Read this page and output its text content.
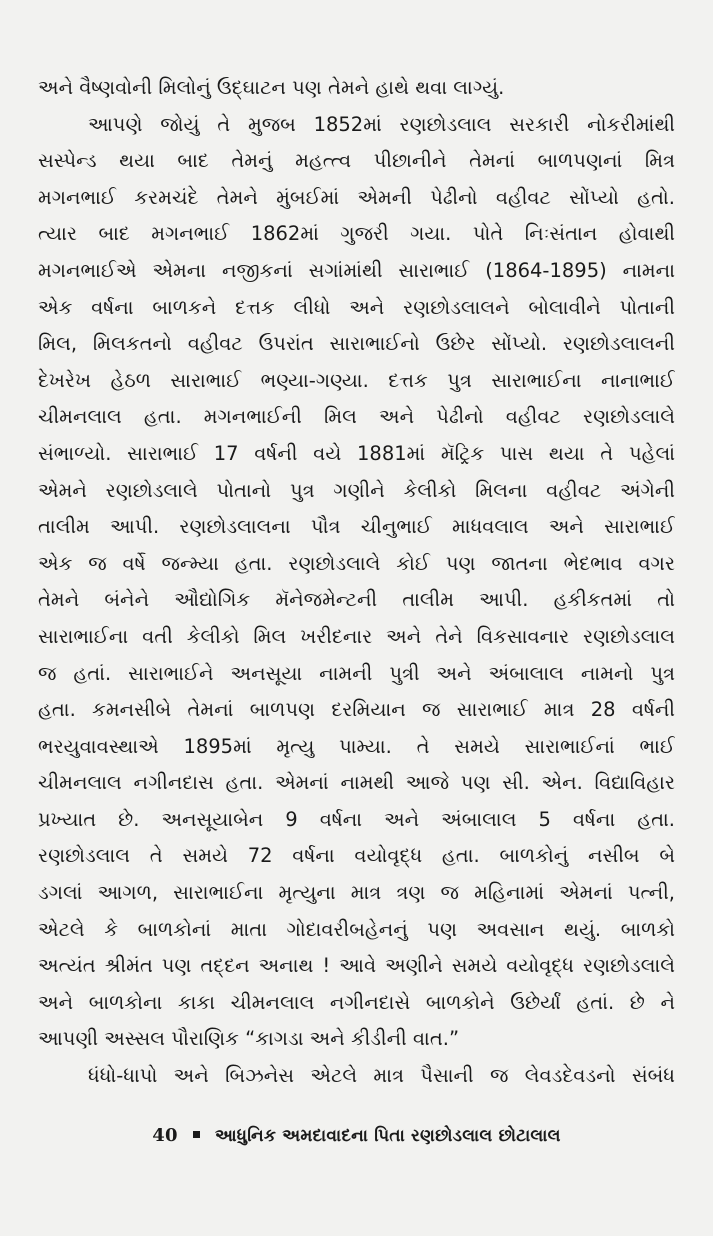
અને વૈષ્ણવોની મિલોનું ઉદ્ઘાટન પણ તેમને હાથે થવા લાગ્યું.
આપણે જોયું તે મુજબ 1852માં રણછોડલાલ સરકારી નોકરીમાંથી
સસ્પેન્ડ થયા બાદ તેમનું મહત્ત્વ પીછાનીને તેમનાં બાળપણનાં મિત્ર
મગનભાઈ કરમચંદે તેમને મુંબઈમાં એમની પેઢીનો વહીવટ સોંપ્યો હતો.
ત્યાર બાદ મગનભાઈ 1862માં ગુજરી ગયા. પોતે નિઃસંતાન હોવાથી
મગનભાઈએ એમના નજીકનાં સગાંમાંથી સારાભાઈ (1864-1895) નામના
એક વર્ષના બાળકને દત્તક લીધો અને રણછોડલાલને બોલાવીને પોતાની
મિલ, મિલકતનો વહીવટ ઉપરાંત સારાભાઈનો ઉછેર સોંપ્યો. રણછોડલાલની
દેખરેખ હેઠળ સારાભાઈ ભણ્યા-ગણ્યા. દત્તક પુત્ર સારાભાઈના નાનાભાઈ
ચીમનલાલ હતા. મગનભાઈની મિલ અને પેઢીનો વહીવટ રણછોડલાલે
સંભાળ્યો. સારાભાઈ 17 વર્ષની વયે 1881માં મૅટ્રિક પાસ થયા તે પહેલાં
એમને રણછોડલાલે પોતાનો પુત્ર ગણીને કેલીકો મિલના વહીવટ અંગેની
તાલીમ આપી. રણછોડલાલના પૌત્ર ચીનુભાઈ માધવલાલ અને સારાભાઈ
એક જ વર્ષે જન્મ્યા હતા. રણછોડલાલે કોઈ પણ જાતના ભેદભાવ વગર
તેમને બંનેને ઔદ્યોગિક મૅનેજમેન્ટની તાલીમ આપી. હકીકતમાં તો
સારાભાઈના વતી કેલીકો મિલ ખરીદનાર અને તેને વિકસાવનાર રણછોડલાલ
જ હતાં. સારાભાઈને અનસૂયા નામની પુત્રી અને અંબાલાલ નામનો પુત્ર
હતા. કમનસીબે તેમનાં બાળપણ દરમિયાન જ સારાભાઈ માત્ર 28 વર્ષની
ભરયુવાવસ્થાએ 1895માં મૃત્યુ પામ્યા. તે સમયે સારાભાઈનાં ભાઈ
ચીમનલાલ નગીનદાસ હતા. એમનાં નામથી આજે પણ સી. એન. વિદ્યાવિહાર
પ્રખ્યાત છે. અનસૂયાબેન 9 વર્ષના અને અંબાલાલ 5 વર્ષના હતા.
રણછોડલાલ તે સમયે 72 વર્ષના વયોવૃદ્ધ હતા. બાળકોનું નસીબ બે
ડગલાં આગળ, સારાભાઈના મૃત્યુના માત્ર ત્રણ જ મહિનામાં એમનાં પત્ની,
એટલે કે બાળકોનાં માતા ગોદાવરીબહેનનું પણ અવસાન થયું. બાળકો
અત્યંત શ્રીમંત પણ તદ્દન અનાથ ! આવે અણીને સમયે વયોવૃદ્ધ રણછોડલાલે
અને બાળકોના કાકા ચીમનલાલ નગીનદાસે બાળકોને ઉછેર્યાં હતાં. છે ને
આપણી અસ્સલ પૌરાણિક “કાગડા અને કીડીની વાત.”
ધંધો-ધાપો અને બિઝનેસ એટલે માત્ર પૈસાની જ લેવડદેવડનો સંબંધ
40 આધુનિક અમદાવાદના પિતા રણછોડલાલ છોટાલાલ
